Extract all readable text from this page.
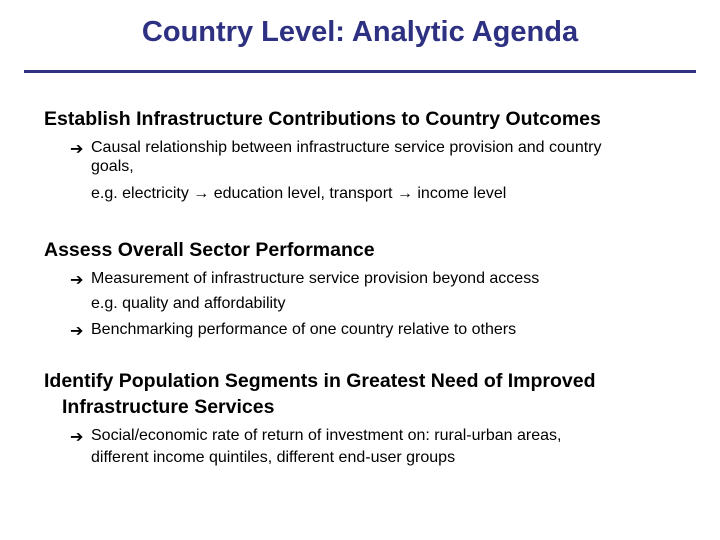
Country Level: Analytic Agenda
Establish Infrastructure Contributions to Country Outcomes
➔ Causal relationship between infrastructure service provision and country
goals,
e.g. electricity → education level, transport → income level
Assess Overall Sector Performance
➔ Measurement of infrastructure service provision beyond access
e.g. quality and affordability
➔ Benchmarking performance of one country relative to others
Identify Population Segments in Greatest Need of Improved
Infrastructure Services
➔ Social/economic rate of return of investment on: rural-urban areas,
different income quintiles, different end-user groups
